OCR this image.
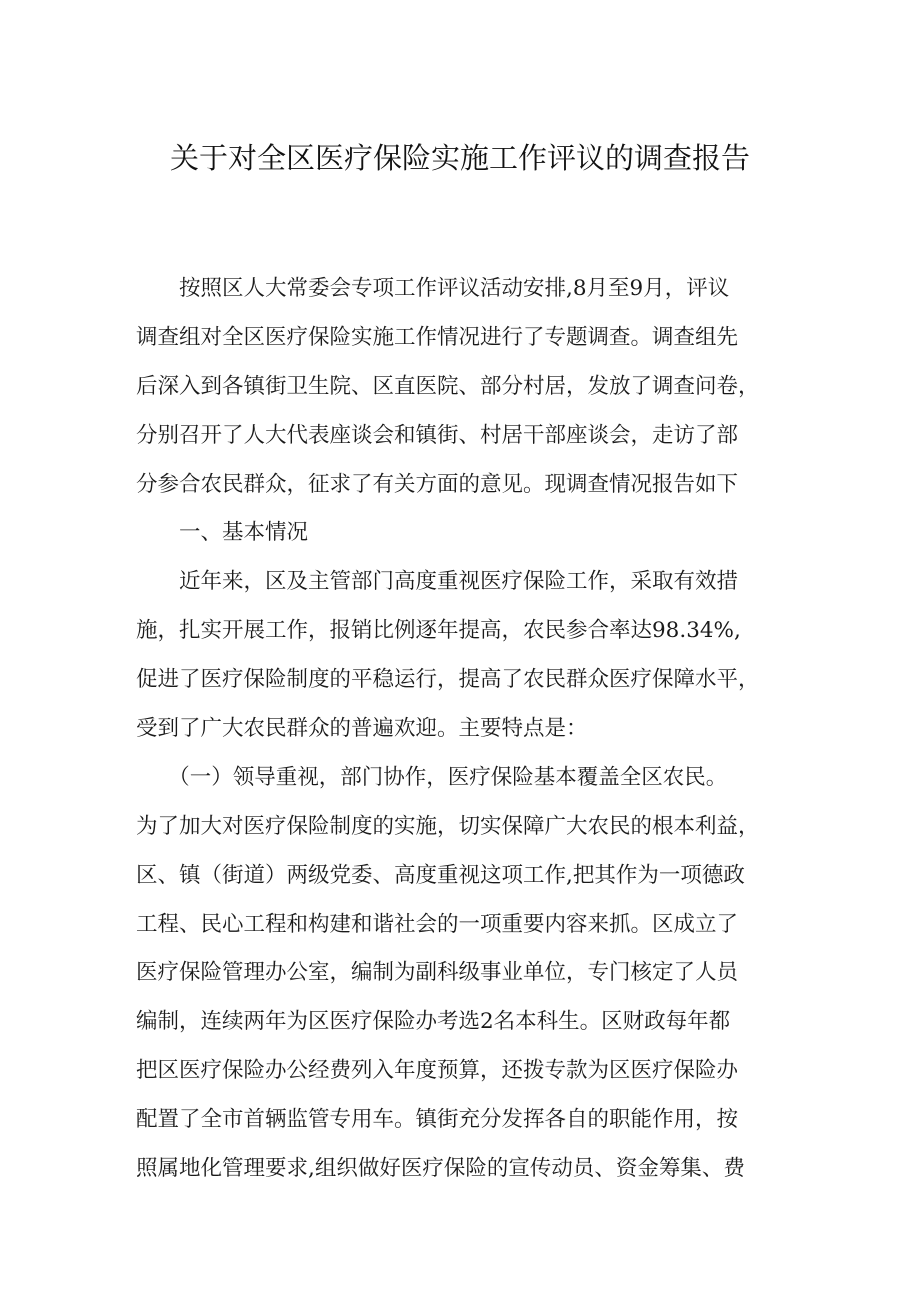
关于对全区医疗保险实施工作评议的调查报告

　　按照区人大常委会专项工作评议活动安排,8月至9月，评议

调查组对全区医疗保险实施工作情况进行了专题调查。调查组先

后深入到各镇街卫生院、区直医院、部分村居，发放了调查问卷，

分别召开了人大代表座谈会和镇街、村居干部座谈会，走访了部

分参合农民群众，征求了有关方面的意见。现调查情况报告如下

　　一、基本情况

　　近年来，区及主管部门高度重视医疗保险工作，采取有效措

施，扎实开展工作，报销比例逐年提高，农民参合率达98.34%,

促进了医疗保险制度的平稳运行，提高了农民群众医疗保障水平，

受到了广大农民群众的普遍欢迎。主要特点是：

　　（一）领导重视，部门协作，医疗保险基本覆盖全区农民。

为了加大对医疗保险制度的实施，切实保障广大农民的根本利益，

区、镇（街道）两级党委、高度重视这项工作,把其作为一项德政

工程、民心工程和构建和谐社会的一项重要内容来抓。区成立了

医疗保险管理办公室，编制为副科级事业单位，专门核定了人员

编制，连续两年为区医疗保险办考选2名本科生。区财政每年都

把区医疗保险办公经费列入年度预算，还拨专款为区医疗保险办

配置了全市首辆监管专用车。镇街充分发挥各自的职能作用，按

照属地化管理要求,组织做好医疗保险的宣传动员、资金筹集、费
